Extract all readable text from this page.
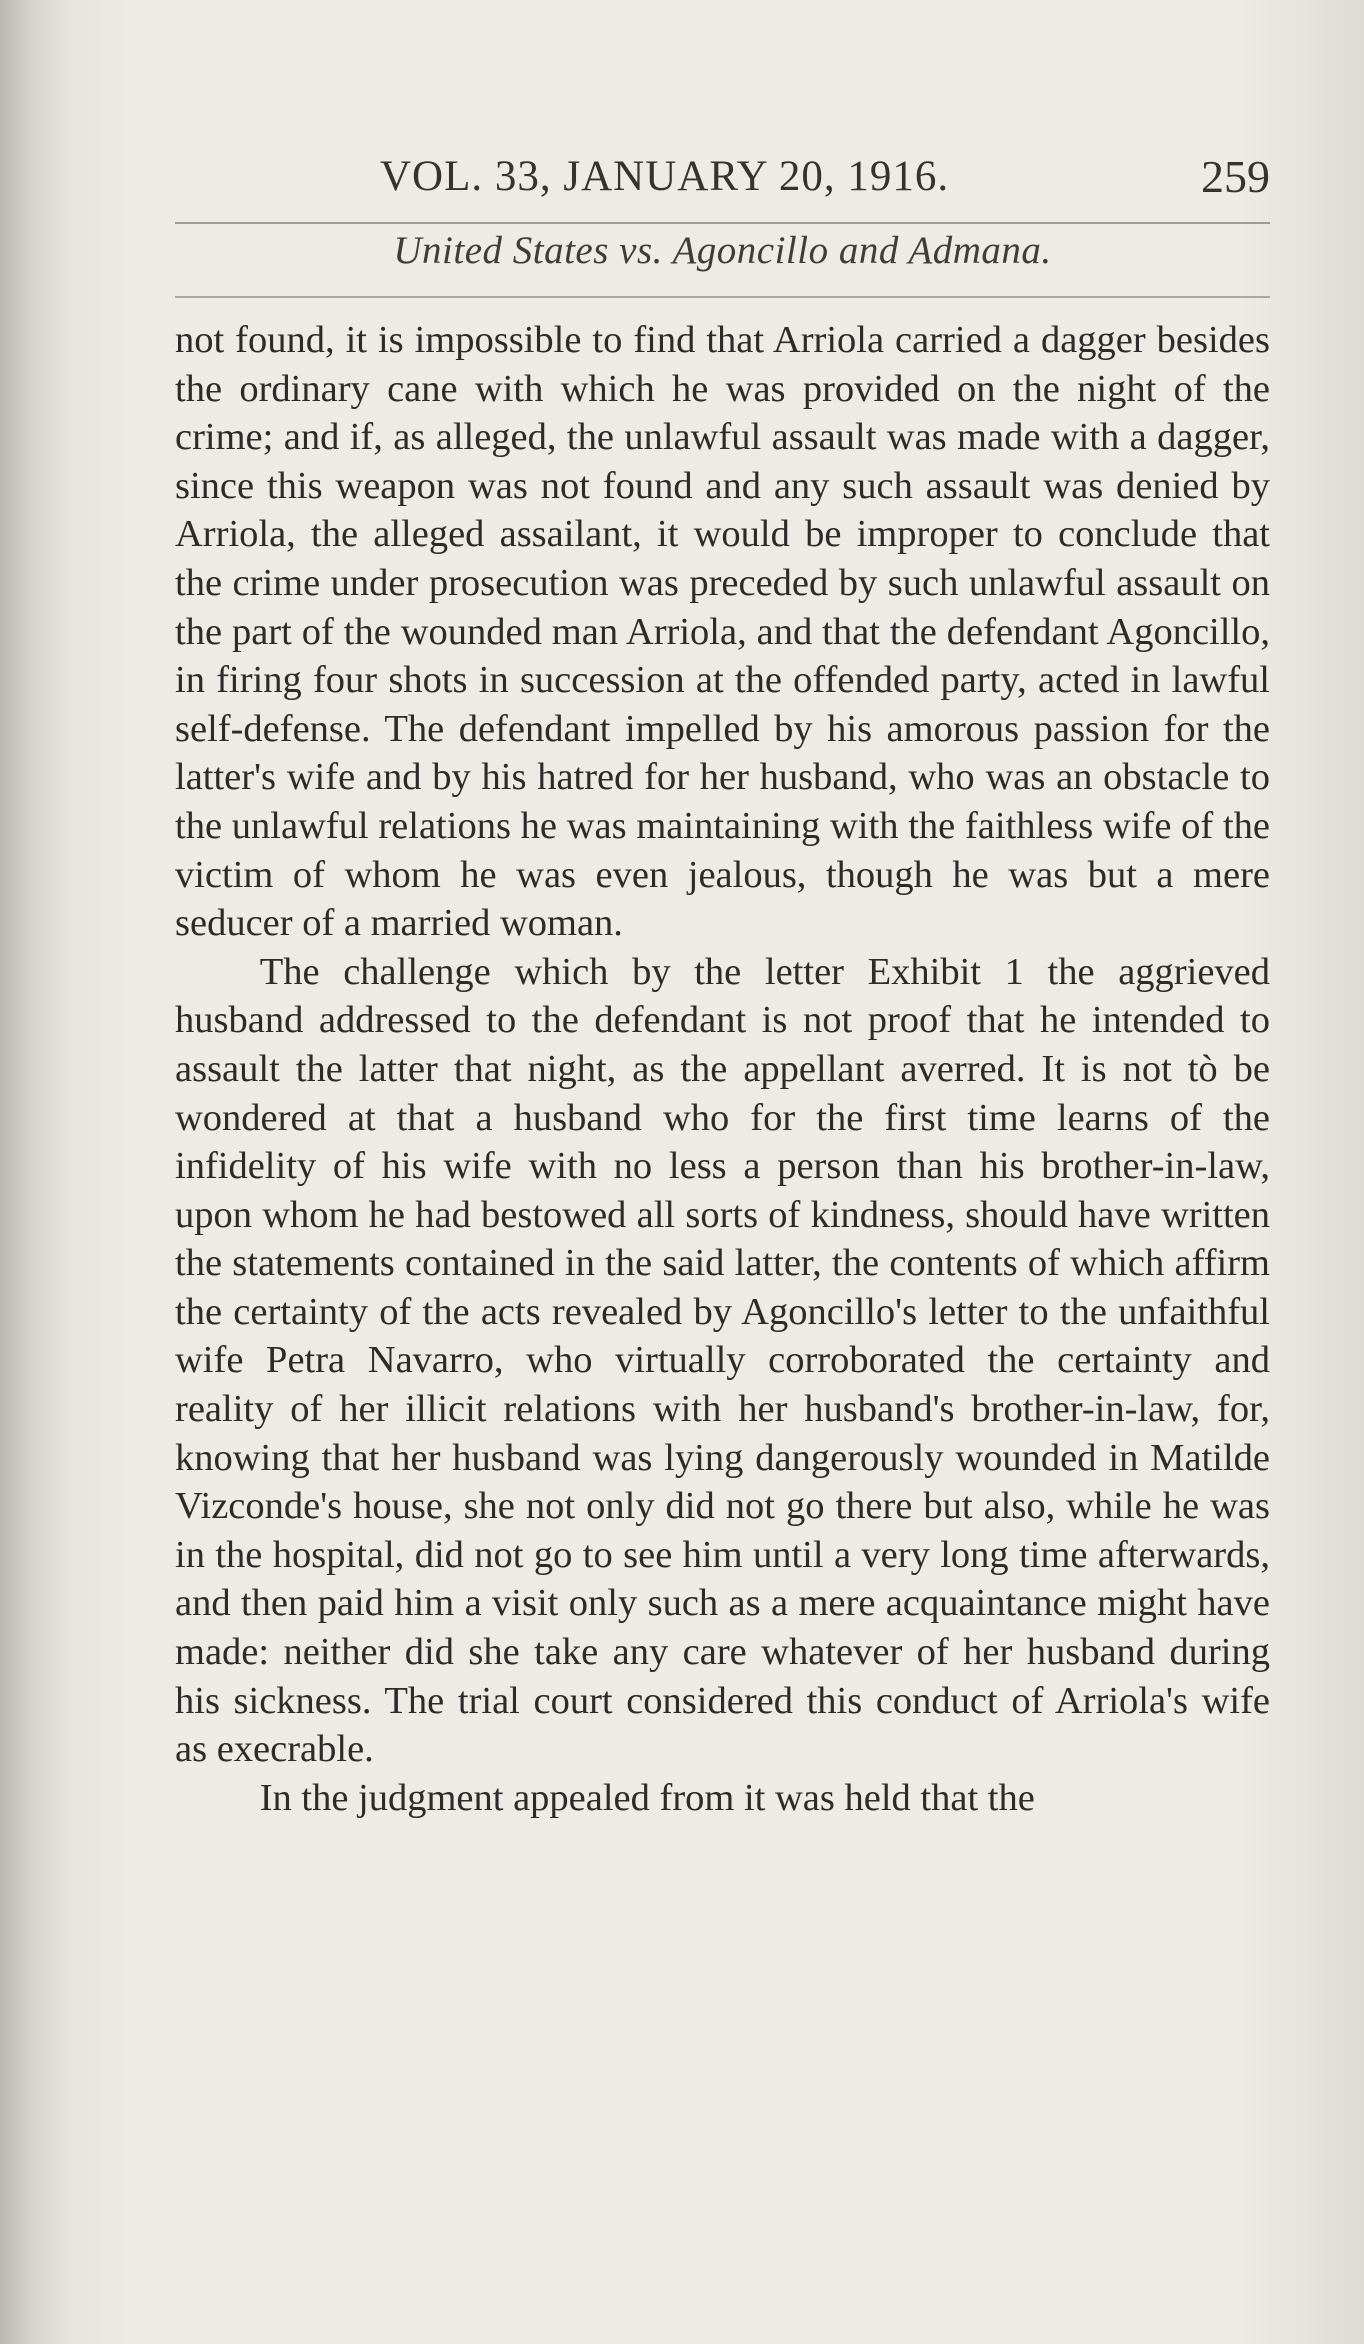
VOL. 33, JANUARY 20, 1916.	259
United States vs. Agoncillo and Admana.

not found, it is impossible to find that Arriola carried a dagger besides the ordinary cane with which he was provided on the night of the crime; and if, as alleged, the unlawful assault was made with a dagger, since this weapon was not found and any such assault was denied by Arriola, the alleged assailant, it would be improper to conclude that the crime under prosecution was preceded by such unlawful assault on the part of the wounded man Arriola, and that the defendant Agoncillo, in firing four shots in succession at the offended party, acted in lawful self-defense. The defendant impelled by his amorous passion for the latter's wife and by his hatred for her husband, who was an obstacle to the unlawful relations he was maintaining with the faithless wife of the victim of whom he was even jealous, though he was but a mere seducer of a married woman.

The challenge which by the letter Exhibit 1 the aggrieved husband addressed to the defendant is not proof that he intended to assault the latter that night, as the appellant averred. It is not tò be wondered at that a husband who for the first time learns of the infidelity of his wife with no less a person than his brother-in-law, upon whom he had bestowed all sorts of kindness, should have written the statements contained in the said latter, the contents of which affirm the certainty of the acts revealed by Agoncillo's letter to the unfaithful wife Petra Navarro, who virtually corroborated the certainty and reality of her illicit relations with her husband's brother-in-law, for, knowing that her husband was lying dangerously wounded in Matilde Vizconde's house, she not only did not go there but also, while he was in the hospital, did not go to see him until a very long time afterwards, and then paid him a visit only such as a mere acquaintance might have made: neither did she take any care whatever of her husband during his sickness. The trial court considered this conduct of Arriola's wife as execrable.

In the judgment appealed from it was held that the
